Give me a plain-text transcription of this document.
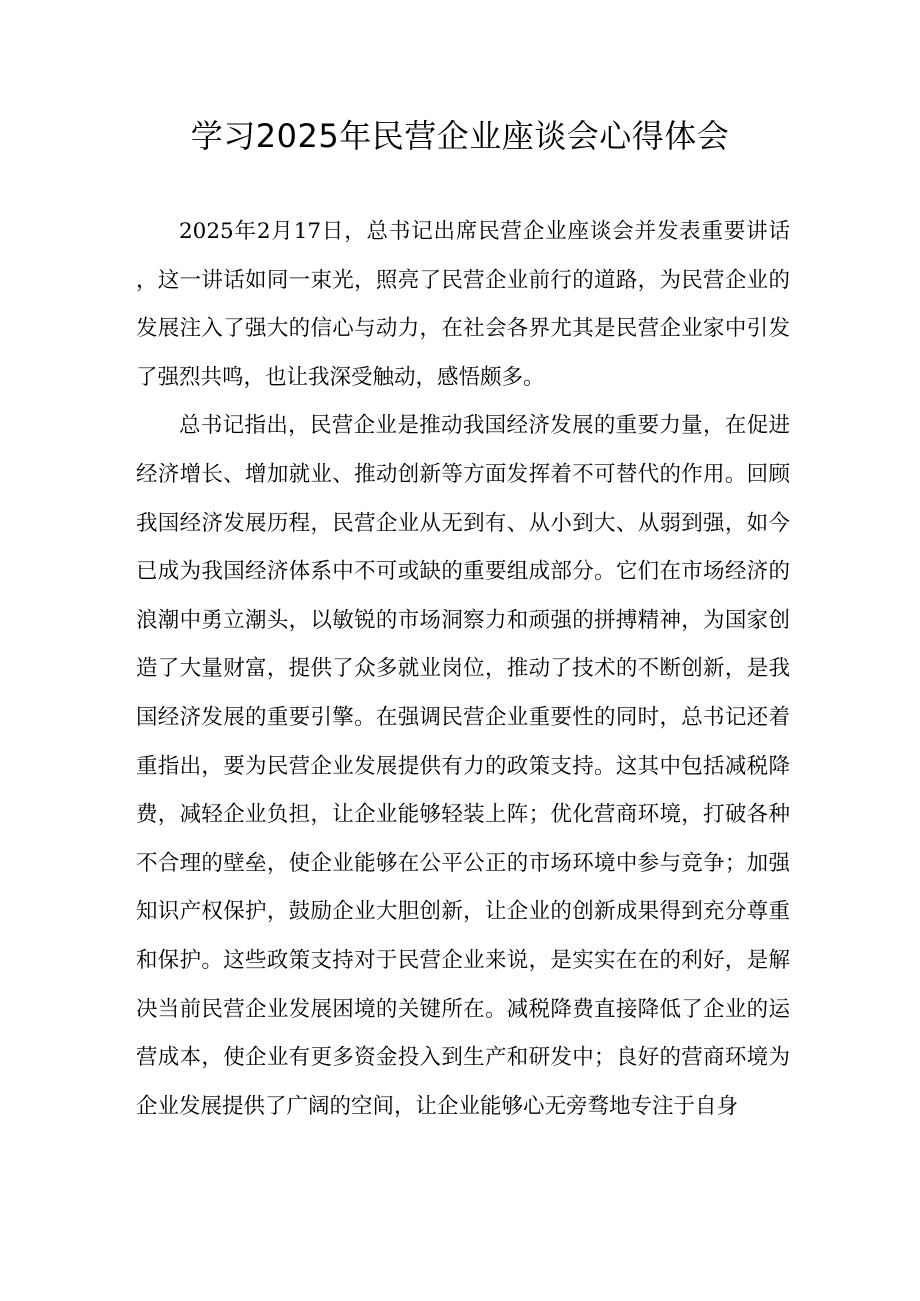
学习2025年民营企业座谈会心得体会

2025年2月17日，总书记出席民营企业座谈会并发表重要讲话，这一讲话如同一束光，照亮了民营企业前行的道路，为民营企业的发展注入了强大的信心与动力，在社会各界尤其是民营企业家中引发了强烈共鸣，也让我深受触动，感悟颇多。

总书记指出，民营企业是推动我国经济发展的重要力量，在促进经济增长、增加就业、推动创新等方面发挥着不可替代的作用。回顾我国经济发展历程，民营企业从无到有、从小到大、从弱到强，如今已成为我国经济体系中不可或缺的重要组成部分。它们在市场经济的浪潮中勇立潮头，以敏锐的市场洞察力和顽强的拼搏精神，为国家创造了大量财富，提供了众多就业岗位，推动了技术的不断创新，是我国经济发展的重要引擎。在强调民营企业重要性的同时，总书记还着重指出，要为民营企业发展提供有力的政策支持。这其中包括减税降费，减轻企业负担，让企业能够轻装上阵；优化营商环境，打破各种不合理的壁垒，使企业能够在公平公正的市场环境中参与竞争；加强知识产权保护，鼓励企业大胆创新，让企业的创新成果得到充分尊重和保护。这些政策支持对于民营企业来说，是实实在在的利好，是解决当前民营企业发展困境的关键所在。减税降费直接降低了企业的运营成本，使企业有更多资金投入到生产和研发中；良好的营商环境为企业发展提供了广阔的空间，让企业能够心无旁骛地专注于自身
